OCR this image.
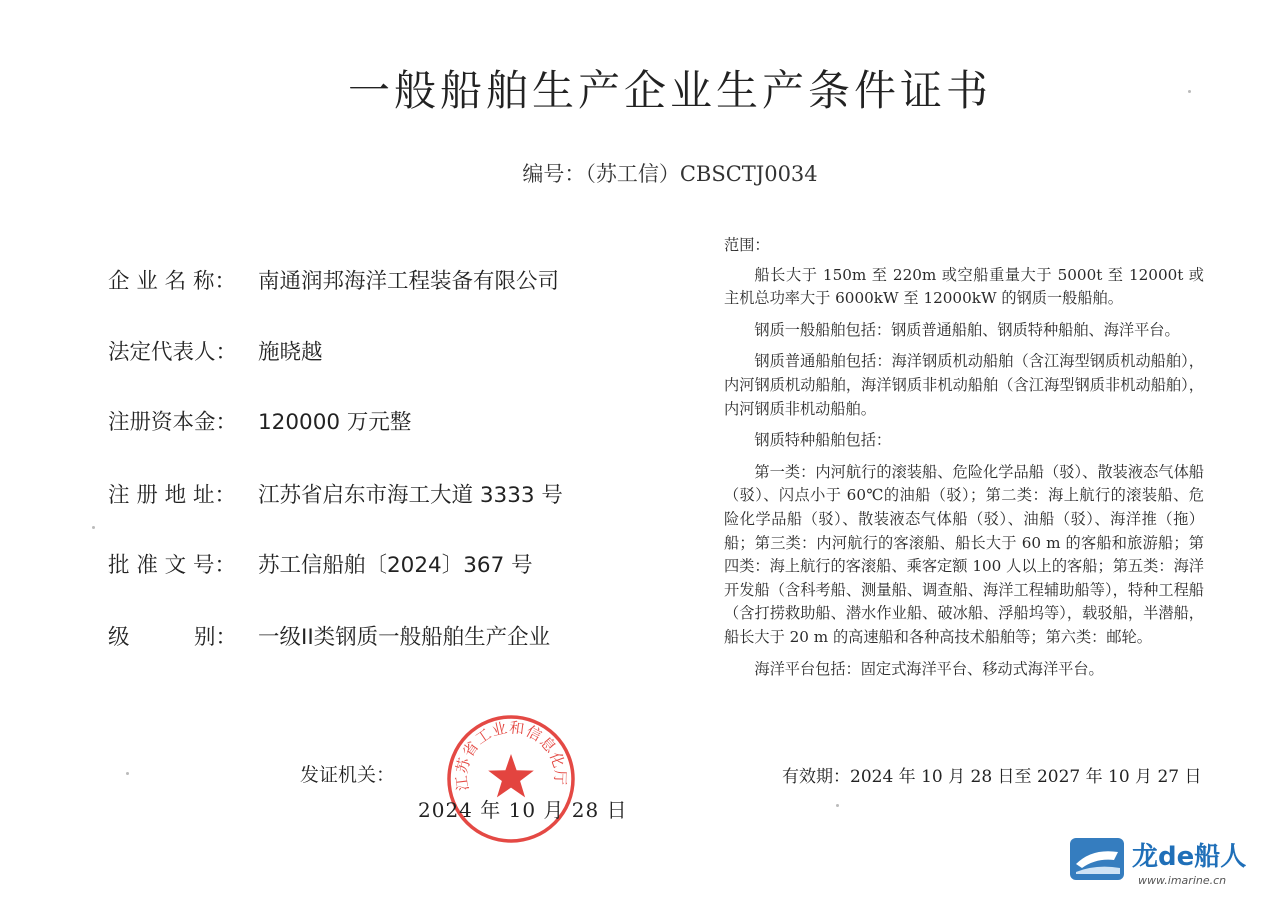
一般船舶生产企业生产条件证书
编号：（苏工信）CBSCTJ0034
企 业 名 称： 南通润邦海洋工程装备有限公司
法定代表人： 施晓越
注册资本金： 120000 万元整
注 册 地 址： 江苏省启东市海工大道 3333 号
批 准 文 号： 苏工信船舶〔2024〕367 号
级　　　别： 一级II类钢质一般船舶生产企业
范围：

船长大于 150m 至 220m 或空船重量大于 5000t 至 12000t 或主机总功率大于 6000kW 至 12000kW 的钢质一般船舶。

钢质一般船舶包括：钢质普通船舶、钢质特种船舶、海洋平台。

钢质普通船舶包括：海洋钢质机动船舶（含江海型钢质机动船舶），内河钢质机动船舶，海洋钢质非机动船舶（含江海型钢质非机动船舶），内河钢质非机动船舶。

钢质特种船舶包括：

第一类：内河航行的滚装船、危险化学品船（驳）、散装液态气体船（驳）、闪点小于 60℃的油船（驳）；第二类：海上航行的滚装船、危险化学品船（驳）、散装液态气体船（驳）、油船（驳）、海洋推（拖）船；第三类：内河航行的客滚船、船长大于 60 m 的客船和旅游船；第四类：海上航行的客滚船、乘客定额 100 人以上的客船；第五类：海洋开发船（含科考船、测量船、调查船、海洋工程辅助船等），特种工程船（含打捞救助船、潜水作业船、破冰船、浮船坞等），载驳船，半潜船，船长大于 20 m 的高速船和各种高技术船舶等；第六类：邮轮。

海洋平台包括：固定式海洋平台、移动式海洋平台。

发证机关：	江苏省工业和信息化厅
2024 年 10 月 28 日
有效期：2024 年 10 月 28 日至 2027 年 10 月 27 日
龙de船人
www.imarine.cn
